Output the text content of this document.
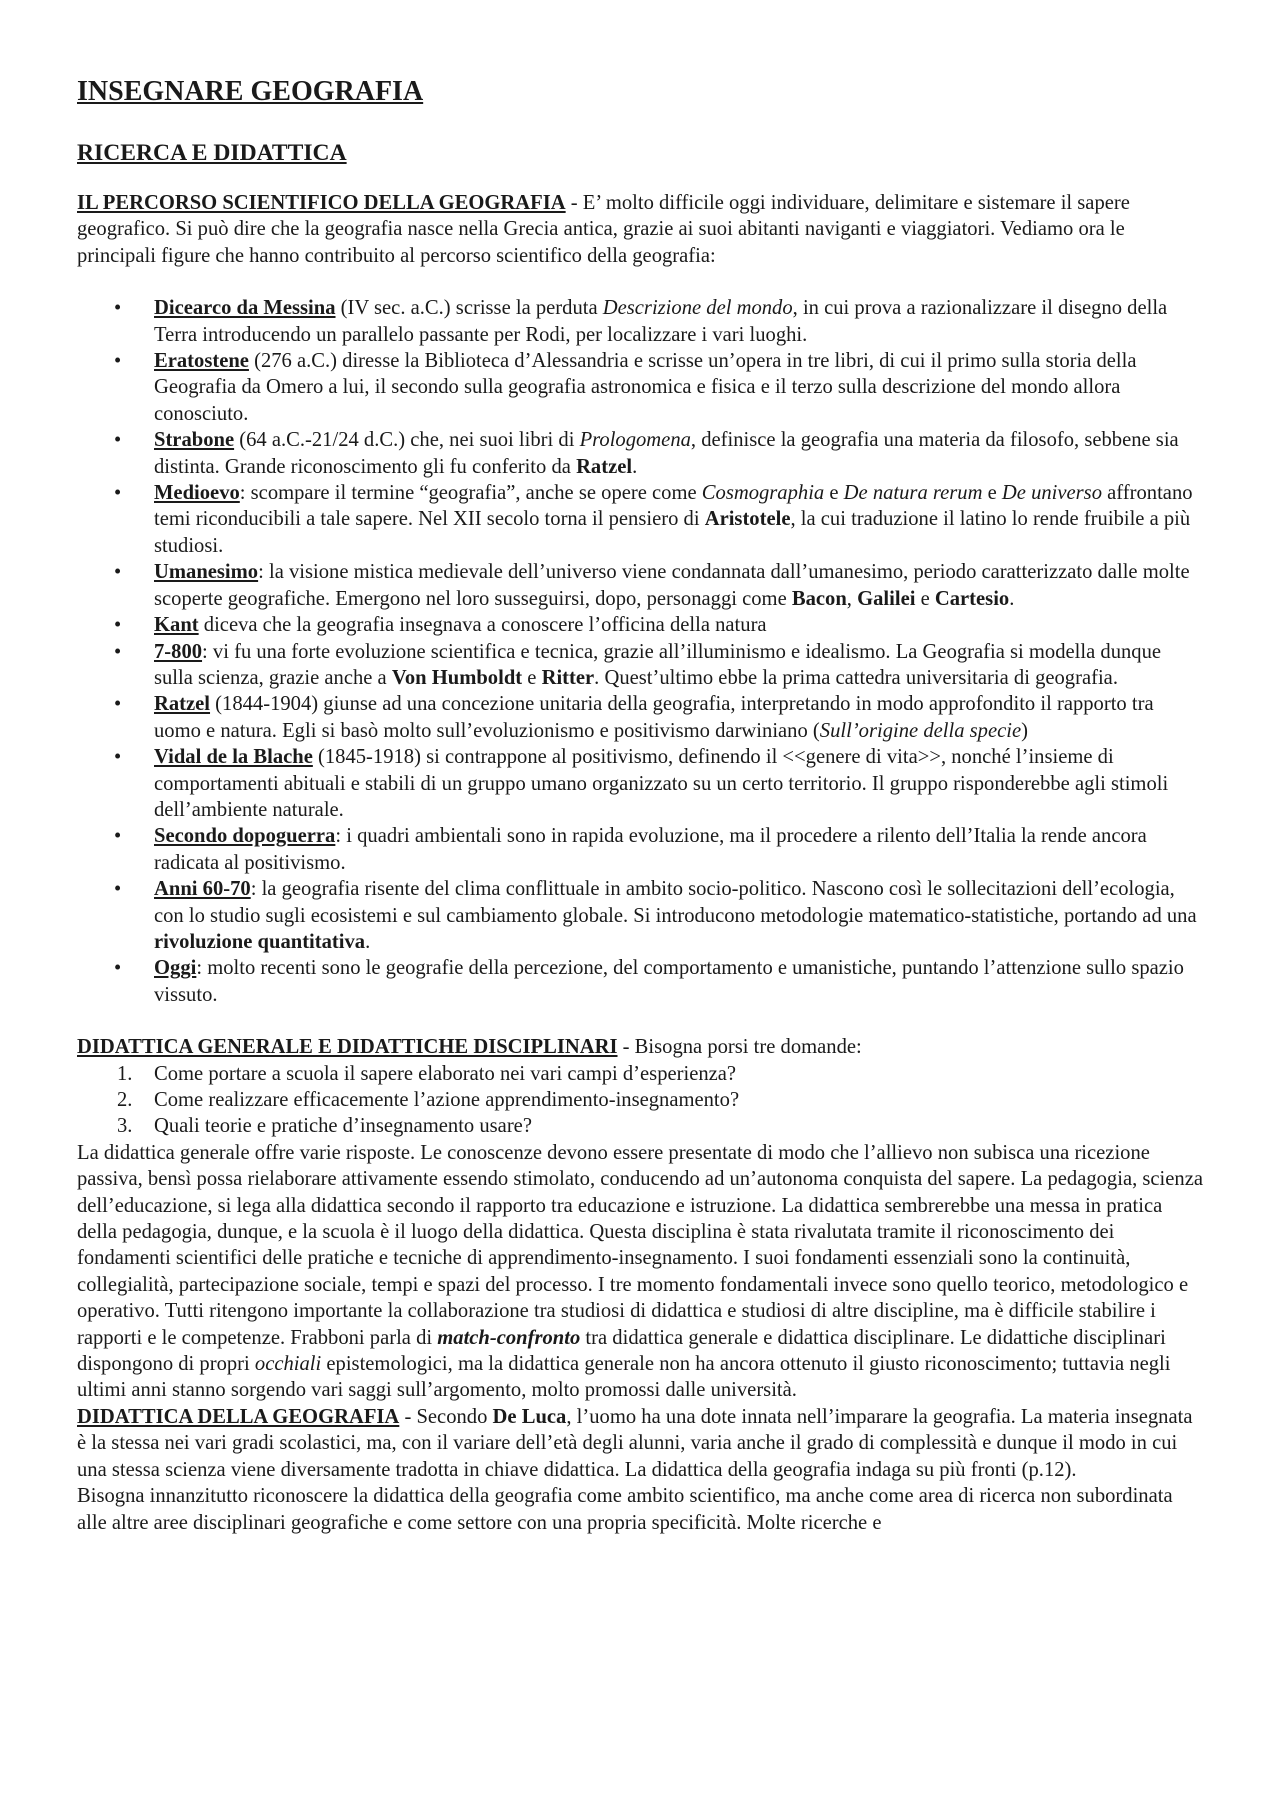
INSEGNARE GEOGRAFIA
RICERCA E DIDATTICA

IL PERCORSO SCIENTIFICO DELLA GEOGRAFIA - E’ molto difficile oggi individuare, delimitare e sistemare il sapere geografico. Si può dire che la geografia nasce nella Grecia antica, grazie ai suoi abitanti naviganti e viaggiatori. Vediamo ora le principali figure che hanno contribuito al percorso scientifico della geografia:

• Dicearco da Messina (IV sec. a.C.) scrisse la perduta Descrizione del mondo, in cui prova a razionalizzare il disegno della Terra introducendo un parallelo passante per Rodi, per localizzare i vari luoghi.
• Eratostene (276 a.C.) diresse la Biblioteca d’Alessandria e scrisse un’opera in tre libri, di cui il primo sulla storia della Geografia da Omero a lui, il secondo sulla geografia astronomica e fisica e il terzo sulla descrizione del mondo allora conosciuto.
• Strabone (64 a.C.-21/24 d.C.) che, nei suoi libri di Prologomena, definisce la geografia una materia da filosofo, sebbene sia distinta. Grande riconoscimento gli fu conferito da Ratzel.
• Medioevo: scompare il termine “geografia”, anche se opere come Cosmographia e De natura rerum e De universo affrontano temi riconducibili a tale sapere. Nel XII secolo torna il pensiero di Aristotele, la cui traduzione il latino lo rende fruibile a più studiosi.
• Umanesimo: la visione mistica medievale dell’universo viene condannata dall’umanesimo, periodo caratterizzato dalle molte scoperte geografiche. Emergono nel loro susseguirsi, dopo, personaggi come Bacon, Galilei e Cartesio.
• Kant diceva che la geografia insegnava a conoscere l’officina della natura
• 7-800: vi fu una forte evoluzione scientifica e tecnica, grazie all’illuminismo e idealismo. La Geografia si modella dunque sulla scienza, grazie anche a Von Humboldt e Ritter. Quest’ultimo ebbe la prima cattedra universitaria di geografia.
• Ratzel (1844-1904) giunse ad una concezione unitaria della geografia, interpretando in modo approfondito il rapporto tra uomo e natura. Egli si basò molto sull’evoluzionismo e positivismo darwiniano (Sull’origine della specie)
• Vidal de la Blache (1845-1918) si contrappone al positivismo, definendo il <<genere di vita>>, nonché l’insieme di comportamenti abituali e stabili di un gruppo umano organizzato su un certo territorio. Il gruppo risponderebbe agli stimoli dell’ambiente naturale.
• Secondo dopoguerra: i quadri ambientali sono in rapida evoluzione, ma il procedere a rilento dell’Italia la rende ancora radicata al positivismo.
• Anni 60-70: la geografia risente del clima conflittuale in ambito socio-politico. Nascono così le sollecitazioni dell’ecologia, con lo studio sugli ecosistemi e sul cambiamento globale. Si introducono metodologie matematico-statistiche, portando ad una rivoluzione quantitativa.
• Oggi: molto recenti sono le geografie della percezione, del comportamento e umanistiche, puntando l’attenzione sullo spazio vissuto.

DIDATTICA GENERALE E DIDATTICHE DISCIPLINARI - Bisogna porsi tre domande:

1. Come portare a scuola il sapere elaborato nei vari campi d’esperienza?
2. Come realizzare efficacemente l’azione apprendimento-insegnamento?
3. Quali teorie e pratiche d’insegnamento usare?

La didattica generale offre varie risposte. Le conoscenze devono essere presentate di modo che l’allievo non subisca una ricezione passiva, bensì possa rielaborare attivamente essendo stimolato, conducendo ad un’autonoma conquista del sapere. La pedagogia, scienza dell’educazione, si lega alla didattica secondo il rapporto tra educazione e istruzione. La didattica sembrerebbe una messa in pratica della pedagogia, dunque, e la scuola è il luogo della didattica. Questa disciplina è stata rivalutata tramite il riconoscimento dei fondamenti scientifici delle pratiche e tecniche di apprendimento-insegnamento. I suoi fondamenti essenziali sono la continuità, collegialità, partecipazione sociale, tempi e spazi del processo. I tre momento fondamentali invece sono quello teorico, metodologico e operativo. Tutti ritengono importante la collaborazione tra studiosi di didattica e studiosi di altre discipline, ma è difficile stabilire i rapporti e le competenze. Frabboni parla di match-confronto tra didattica generale e didattica disciplinare. Le didattiche disciplinari dispongono di propri occhiali epistemologici, ma la didattica generale non ha ancora ottenuto il giusto riconoscimento; tuttavia negli ultimi anni stanno sorgendo vari saggi sull’argomento, molto promossi dalle università.

DIDATTICA DELLA GEOGRAFIA - Secondo De Luca, l’uomo ha una dote innata nell’imparare la geografia. La materia insegnata è la stessa nei vari gradi scolastici, ma, con il variare dell’età degli alunni, varia anche il grado di complessità e dunque il modo in cui una stessa scienza viene diversamente tradotta in chiave didattica. La didattica della geografia indaga su più fronti (p.12).

Bisogna innanzitutto riconoscere la didattica della geografia come ambito scientifico, ma anche come area di ricerca non subordinata alle altre aree disciplinari geografiche e come settore con una propria specificità. Molte ricerche e
